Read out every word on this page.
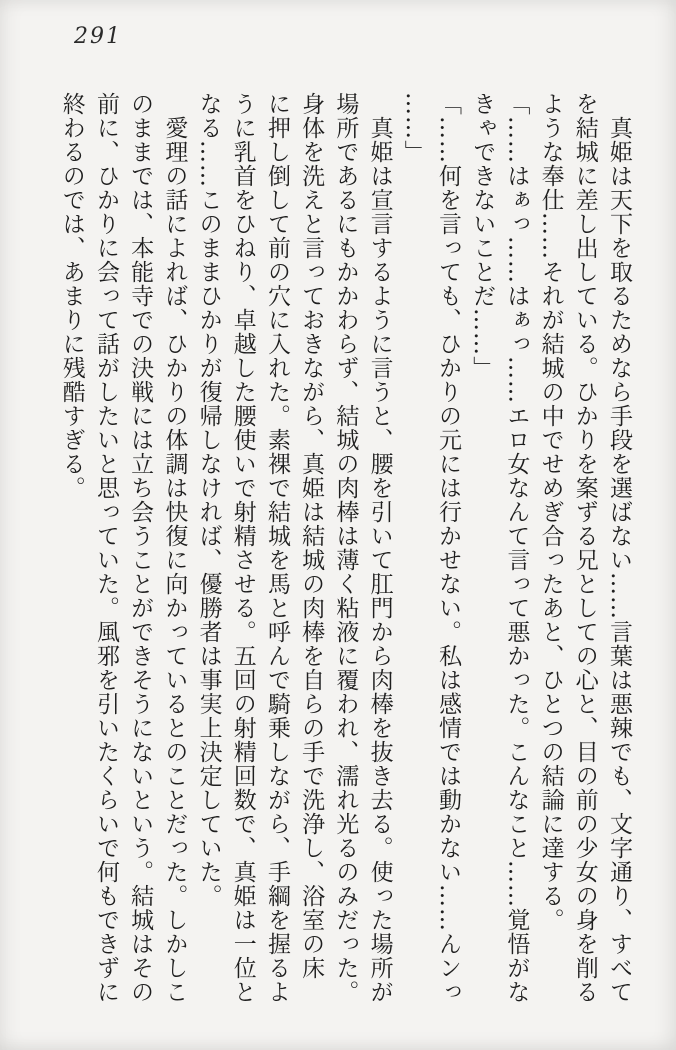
291
　真姫は天下を取るためなら手段を選ばない……言葉は悪辣でも、文字通り、すべて
を結城に差し出している。ひかりを案ずる兄としての心と、目の前の少女の身を削る
ような奉仕……それが結城の中でせめぎ合ったあと、ひとつの結論に達する。
「……はぁっ……はぁっ……エロ女なんて言って悪かった。こんなこと……覚悟がな
きゃできないことだ……」
「……何を言っても、ひかりの元には行かせない。私は感情では動かない……んンっ
……」
　真姫は宣言するように言うと、腰を引いて肛門から肉棒を抜き去る。使った場所が
場所であるにもかかわらず、結城の肉棒は薄く粘液に覆われ、濡れ光るのみだった。
身体を洗えと言っておきながら、真姫は結城の肉棒を自らの手で洗浄し、浴室の床
に押し倒して前の穴に入れた。素裸で結城を馬と呼んで騎乗しながら、手綱を握るよ
うに乳首をひねり、卓越した腰使いで射精させる。五回の射精回数で、真姫は一位と
なる……このままひかりが復帰しなければ、優勝者は事実上決定していた。
　愛理の話によれば、ひかりの体調は快復に向かっているとのことだった。しかしこ
のままでは、本能寺での決戦には立ち会うことができそうにないという。結城はその
前に、ひかりに会って話がしたいと思っていた。風邪を引いたくらいで何もできずに
終わるのでは、あまりに残酷すぎる。
